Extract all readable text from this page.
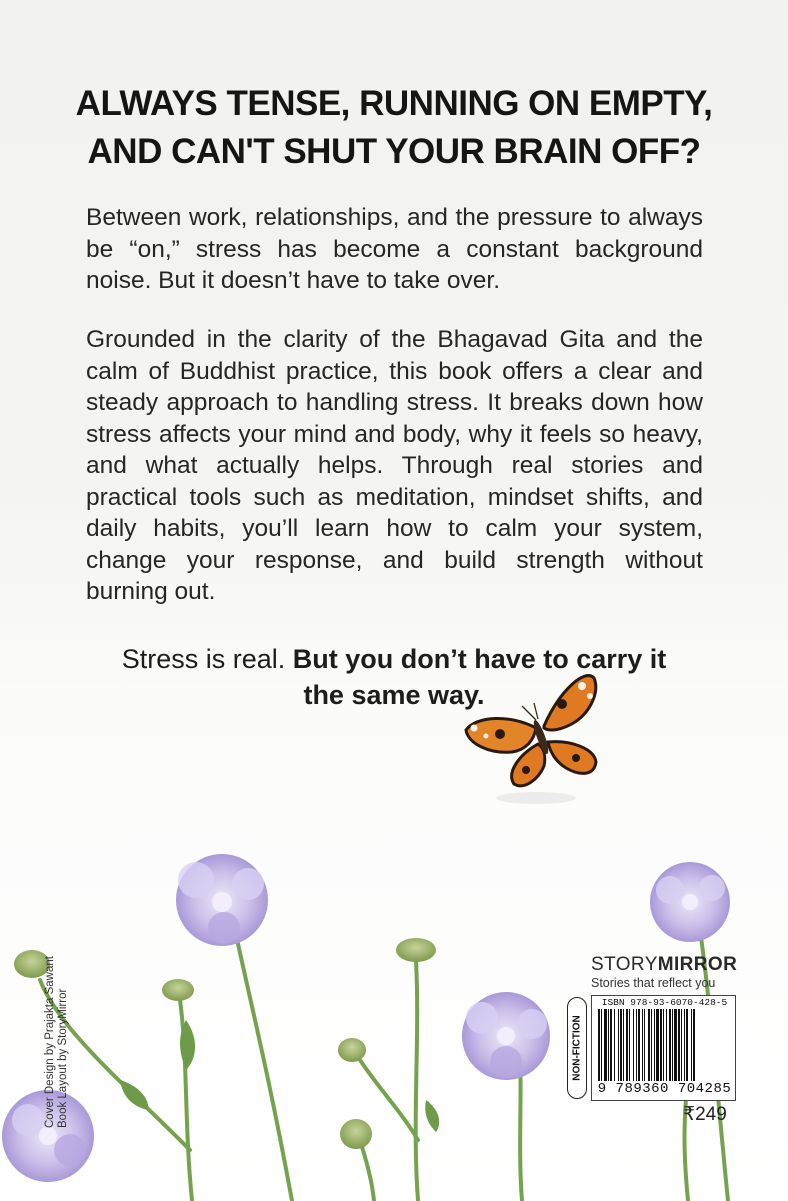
ALWAYS TENSE, RUNNING ON EMPTY,
AND CAN'T SHUT YOUR BRAIN OFF?

Between work, relationships, and the pressure to always be “on,” stress has become a constant background noise. But it doesn’t have to take over.

Grounded in the clarity of the Bhagavad Gita and the calm of Buddhist practice, this book offers a clear and steady approach to handling stress. It breaks down how stress affects your mind and body, why it feels so heavy, and what actually helps. Through real stories and practical tools such as meditation, mindset shifts, and daily habits, you’ll learn how to calm your system, change your response, and build strength without burning out.

Stress is real. But you don’t have to carry it
the same way.
Cover Design by Prajakta Sawant Book Layout by StoryMirror
STORYMIRROR
Stories that reflect you
NON-FICTION
ISBN 978-93-6070-428-5
9 789360 704285
₹249
